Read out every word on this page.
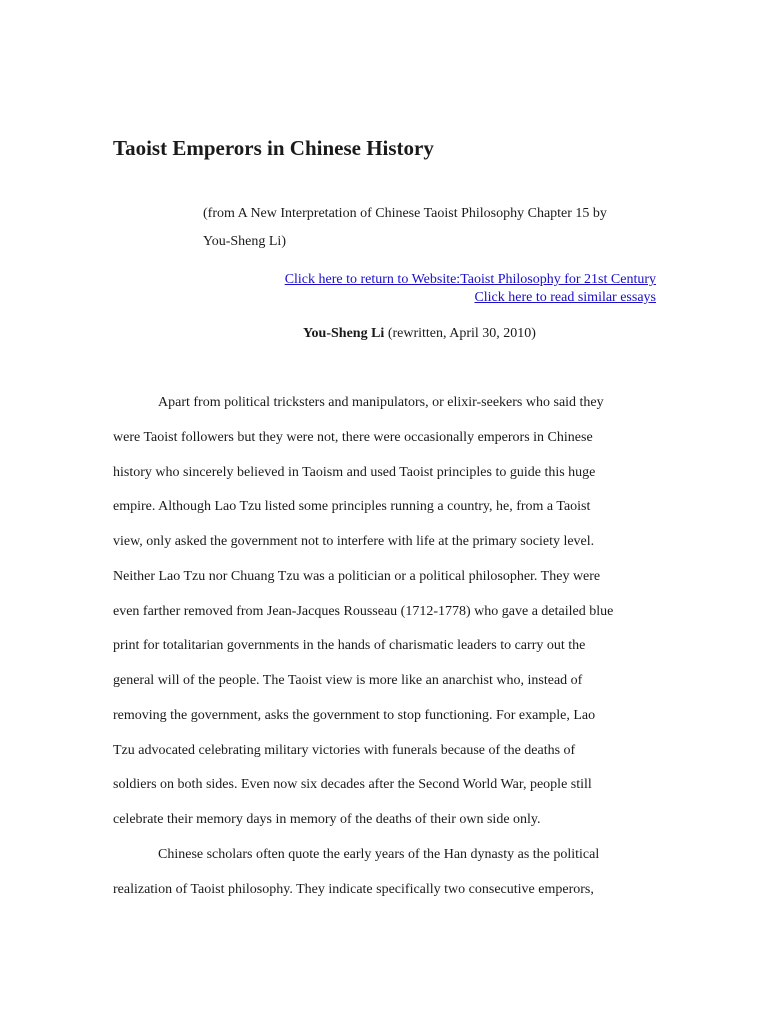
Taoist Emperors in Chinese History

(from A New Interpretation of Chinese Taoist Philosophy Chapter 15 by
You-Sheng Li)

Click here to return to Website:Taoist Philosophy for 21st Century
Click here to read similar essays

You-Sheng Li (rewritten, April 30, 2010)

Apart from political tricksters and manipulators, or elixir-seekers who said they
were Taoist followers but they were not, there were occasionally emperors in Chinese
history who sincerely believed in Taoism and used Taoist principles to guide this huge
empire. Although Lao Tzu listed some principles running a country, he, from a Taoist
view, only asked the government not to interfere with life at the primary society level.
Neither Lao Tzu nor Chuang Tzu was a politician or a political philosopher. They were
even farther removed from Jean-Jacques Rousseau (1712-1778) who gave a detailed blue
print for totalitarian governments in the hands of charismatic leaders to carry out the
general will of the people. The Taoist view is more like an anarchist who, instead of
removing the government, asks the government to stop functioning. For example, Lao
Tzu advocated celebrating military victories with funerals because of the deaths of
soldiers on both sides. Even now six decades after the Second World War, people still
celebrate their memory days in memory of the deaths of their own side only.
Chinese scholars often quote the early years of the Han dynasty as the political
realization of Taoist philosophy. They indicate specifically two consecutive emperors,
